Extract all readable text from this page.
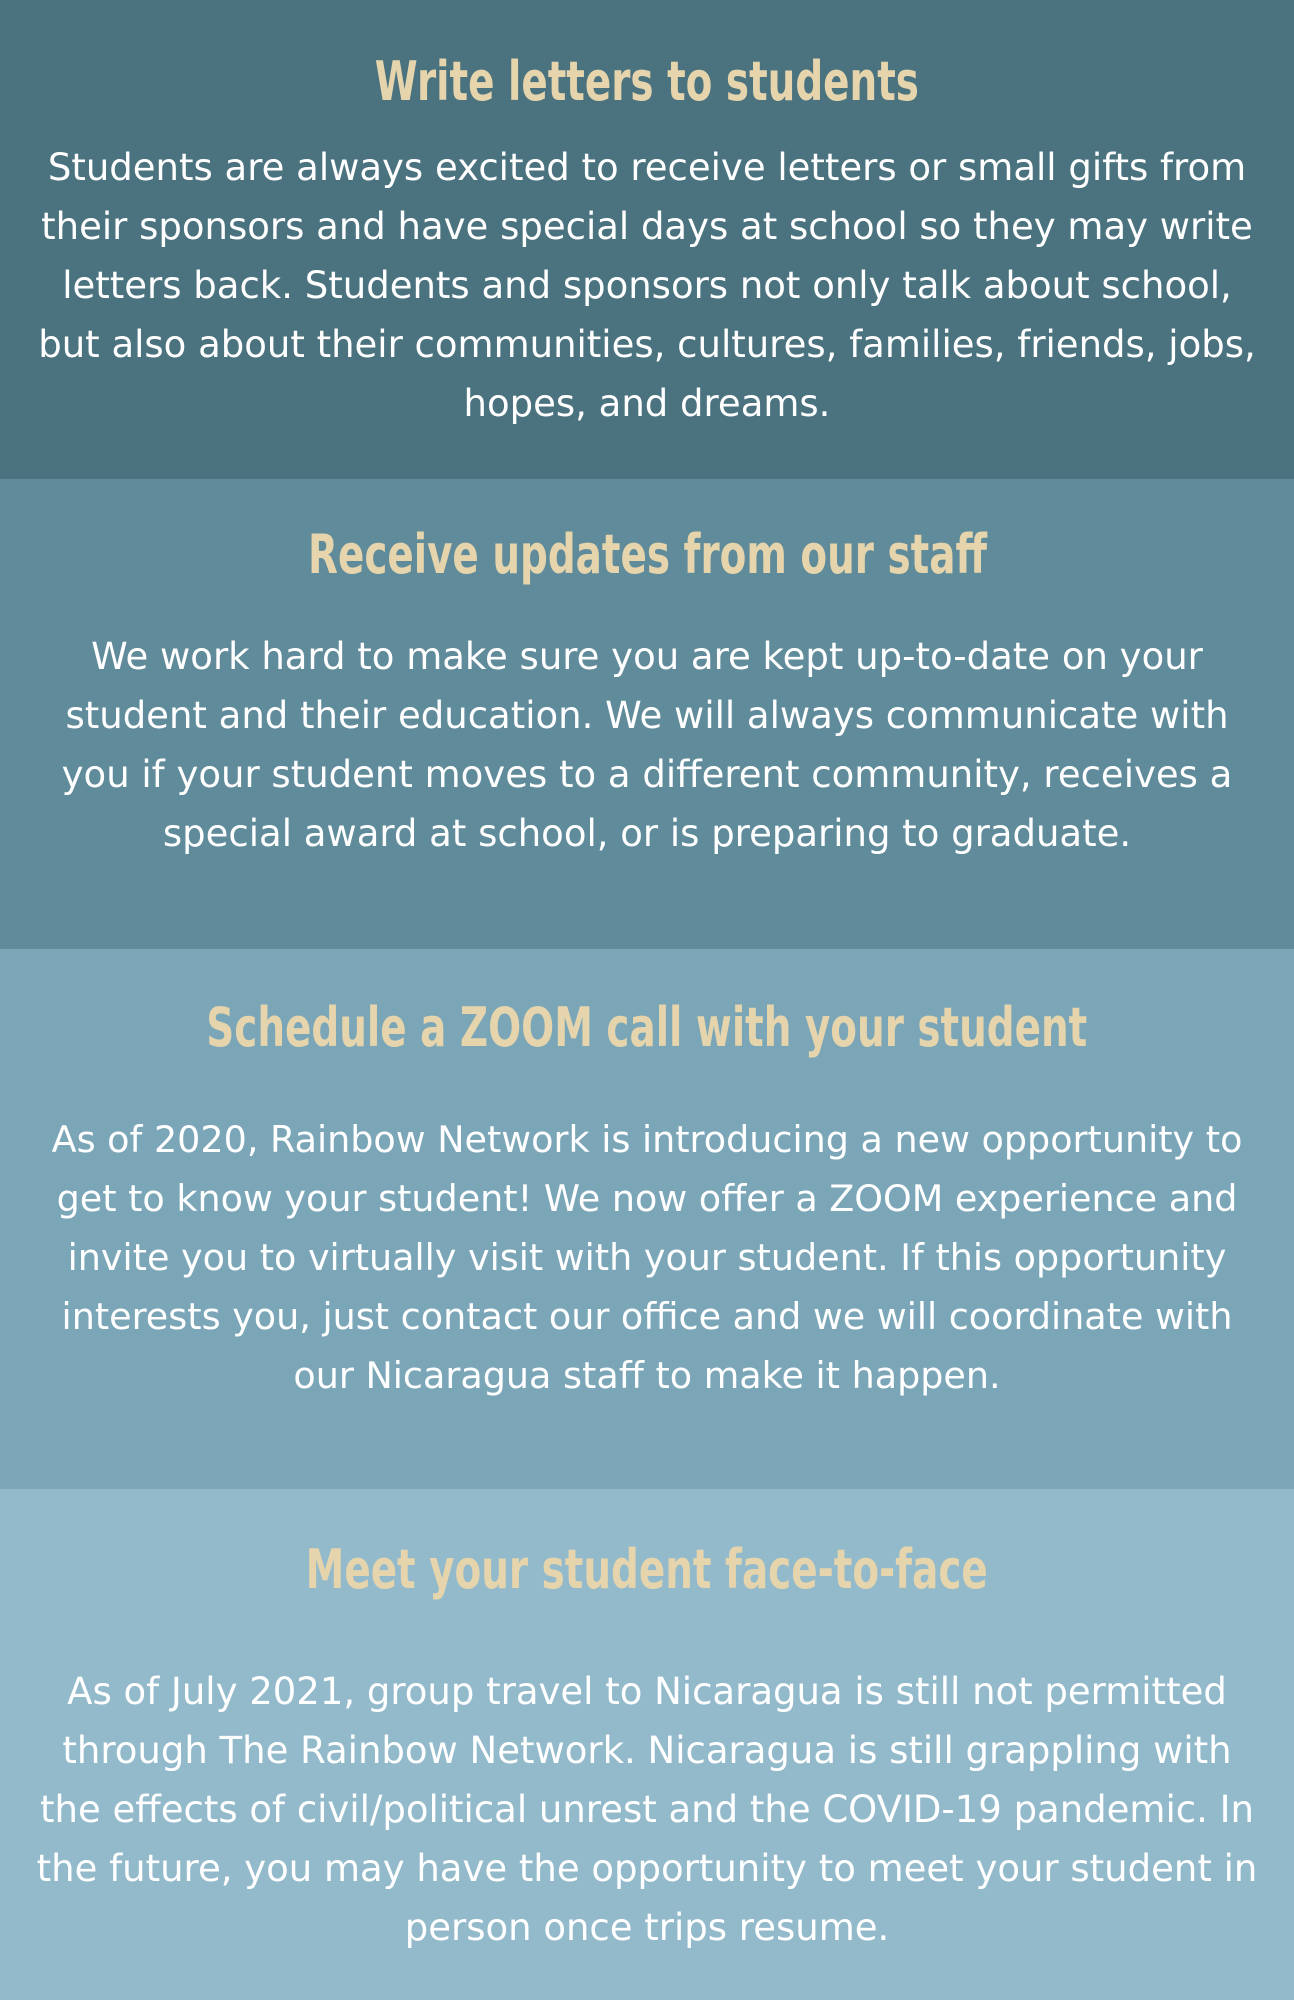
Write letters to students

Students are always excited to receive letters or small gifts from their sponsors and have special days at school so they may write letters back. Students and sponsors not only talk about school, but also about their communities, cultures, families, friends, jobs, hopes, and dreams.

Receive updates from our staff

We work hard to make sure you are kept up-to-date on your student and their education. We will always communicate with you if your student moves to a different community, receives a special award at school, or is preparing to graduate.

Schedule a ZOOM call with your student

As of 2020, Rainbow Network is introducing a new opportunity to get to know your student! We now offer a ZOOM experience and invite you to virtually visit with your student. If this opportunity interests you, just contact our office and we will coordinate with our Nicaragua staff to make it happen.

Meet your student face-to-face

As of July 2021, group travel to Nicaragua is still not permitted through The Rainbow Network. Nicaragua is still grappling with the effects of civil/political unrest and the COVID-19 pandemic. In the future, you may have the opportunity to meet your student in person once trips resume.
